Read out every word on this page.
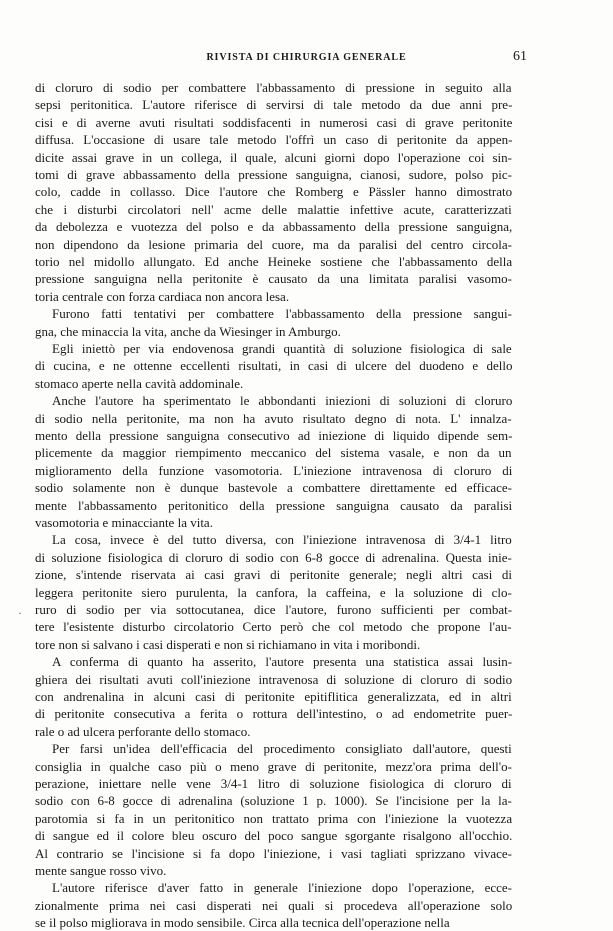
RIVISTA DI CHIRURGIA GENERALE	61
·
di cloruro di sodio per combattere l'abbassamento di pressione in seguito alla
sepsi peritonitica. L'autore riferisce di servirsi di tale metodo da due anni pre-
cisi e di averne avuti risultati soddisfacenti in numerosi casi di grave peritonite
diffusa. L'occasione di usare tale metodo l'offrì un caso di peritonite da appen-
dicite assai grave in un collega, il quale, alcuni giorni dopo l'operazione coi sin-
tomi di grave abbassamento della pressione sanguigna, cianosi, sudore, polso pic-
colo, cadde in collasso. Dice l'autore che Romberg e Pässler hanno dimostrato
che i disturbi circolatori nell' acme delle malattie infettive acute, caratterizzati
da debolezza e vuotezza del polso e da abbassamento della pressione sanguigna,
non dipendono da lesione primaria del cuore, ma da paralisi del centro circola-
torio nel midollo allungato. Ed anche Heineke sostiene che l'abbassamento della
pressione sanguigna nella peritonite è causato da una limitata paralisi vasomo-
toria centrale con forza cardiaca non ancora lesa.
Furono fatti tentativi per combattere l'abbassamento della pressione sangui-
gna, che minaccia la vita, anche da Wiesinger in Amburgo.
Egli iniettò per via endovenosa grandi quantità di soluzione fisiologica di sale
di cucina, e ne ottenne eccellenti risultati, in casi di ulcere del duodeno e dello
stomaco aperte nella cavità addominale.
Anche l'autore ha sperimentato le abbondanti iniezioni di soluzioni di cloruro
di sodio nella peritonite, ma non ha avuto risultato degno di nota. L' innalza-
mento della pressione sanguigna consecutivo ad iniezione di liquido dipende sem-
plicemente da maggior riempimento meccanico del sistema vasale, e non da un
miglioramento della funzione vasomotoria. L'iniezione intravenosa di cloruro di
sodio solamente non è dunque bastevole a combattere direttamente ed efficace-
mente l'abbassamento peritonitico della pressione sanguigna causato da paralisi
vasomotoria e minacciante la vita.
La cosa, invece è del tutto diversa, con l'iniezione intravenosa di 3/4-1 litro
di soluzione fisiologica di cloruro di sodio con 6-8 gocce di adrenalina. Questa inie-
zione, s'intende riservata ai casi gravi di peritonite generale; negli altri casi di
leggera peritonite siero purulenta, la canfora, la caffeina, e la soluzione di clo-
ruro di sodio per via sottocutanea, dice l'autore, furono sufficienti per combat-
tere l'esistente disturbo circolatorio Certo però che col metodo che propone l'au-
tore non si salvano i casi disperati e non si richiamano in vita i moribondi.
A conferma di quanto ha asserito, l'autore presenta una statistica assai lusin-
ghiera dei risultati avuti coll'iniezione intravenosa di soluzione di cloruro di sodio
con andrenalina in alcuni casi di peritonite epitiflitica generalizzata, ed in altri
di peritonite consecutiva a ferita o rottura dell'intestino, o ad endometrite puer-
rale o ad ulcera perforante dello stomaco.
Per farsi un'idea dell'efficacia del procedimento consigliato dall'autore, questi
consiglia in qualche caso più o meno grave di peritonite, mezz'ora prima dell'o-
perazione, iniettare nelle vene 3/4-1 litro di soluzione fisiologica di cloruro di
sodio con 6-8 gocce di adrenalina (soluzione 1 p. 1000). Se l'incisione per la la-
parotomia si fa in un peritonitico non trattato prima con l'iniezione la vuotezza
di sangue ed il colore bleu oscuro del poco sangue sgorgante risalgono all'occhio.
Al contrario se l'incisione si fa dopo l'iniezione, i vasi tagliati sprizzano vivace-
mente sangue rosso vivo.
L'autore riferisce d'aver fatto in generale l'iniezione dopo l'operazione, ecce-
zionalmente prima nei casi disperati nei quali si procedeva all'operazione solo
se il polso migliorava in modo sensibile. Circa alla tecnica dell'operazione nella
